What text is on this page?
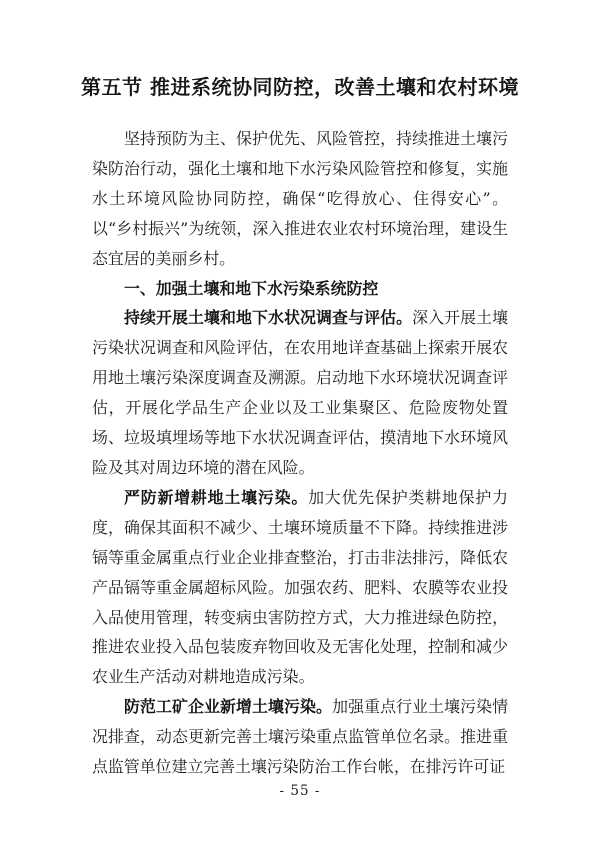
第五节 推进系统协同防控，改善土壤和农村环境

坚持预防为主、保护优先、风险管控，持续推进土壤污染防治行动，强化土壤和地下水污染风险管控和修复，实施水土环境风险协同防控，确保“吃得放心、住得安心”。以“乡村振兴”为统领，深入推进农业农村环境治理，建设生态宜居的美丽乡村。

一、加强土壤和地下水污染系统防控

持续开展土壤和地下水状况调查与评估。深入开展土壤污染状况调查和风险评估，在农用地详查基础上探索开展农用地土壤污染深度调查及溯源。启动地下水环境状况调查评估，开展化学品生产企业以及工业集聚区、危险废物处置场、垃圾填埋场等地下水状况调查评估，摸清地下水环境风险及其对周边环境的潜在风险。

严防新增耕地土壤污染。加大优先保护类耕地保护力度，确保其面积不减少、土壤环境质量不下降。持续推进涉镉等重金属重点行业企业排查整治，打击非法排污，降低农产品镉等重金属超标风险。加强农药、肥料、农膜等农业投入品使用管理，转变病虫害防控方式，大力推进绿色防控，推进农业投入品包装废弃物回收及无害化处理，控制和减少农业生产活动对耕地造成污染。

防范工矿企业新增土壤污染。加强重点行业土壤污染情况排查，动态更新完善土壤污染重点监管单位名录。推进重点监管单位建立完善土壤污染防治工作台帐，在排污许可证

- 55 -
